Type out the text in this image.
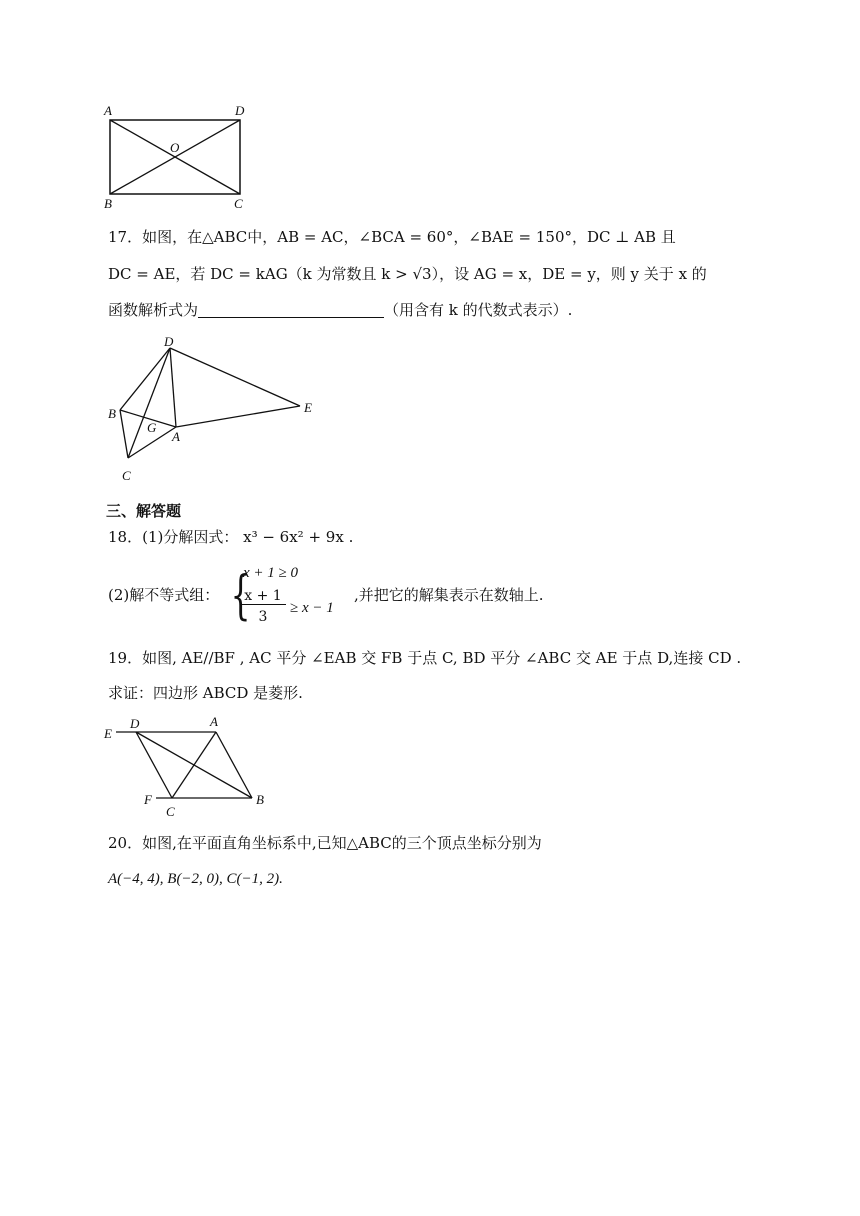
A	D
O
B	C
17．如图，在△ABC中，AB = AC，∠BCA = 60°，∠BAE = 150°，DC ⊥ AB 且
DC = AE，若 DC = kAG（k 为常数且 k > √3），设 AG = x，DE = y，则 y 关于 x 的
函数解析式为	（用含有 k 的代数式表示）.
D
B
G
A
E
C
三、解答题
18．(1)分解因式： x³ − 6x² + 9x .
(2)解不等式组： {
x + 1 ≥ 0
x + 1
3
≥ x − 1
,并把它的解集表示在数轴上.
19．如图, AE//BF , AC 平分 ∠EAB 交 FB 于点 C, BD 平分 ∠ABC 交 AE 于点 D,连接 CD .
求证：四边形 ABCD 是菱形.
E
D	A
F
C
B
20．如图,在平面直角坐标系中,已知△ABC的三个顶点坐标分别为
A(−4, 4), B(−2, 0), C(−1, 2).
